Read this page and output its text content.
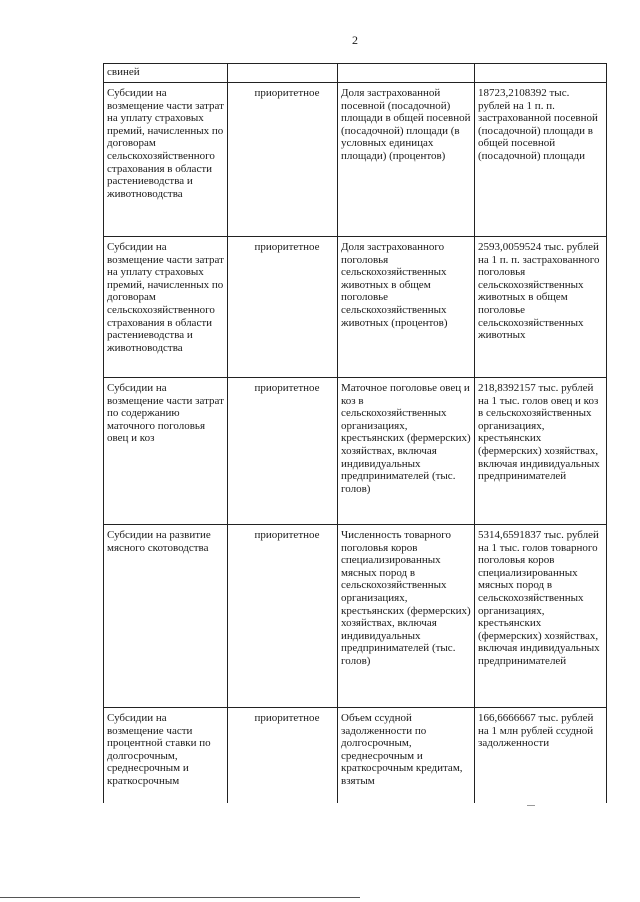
2
свиней			
Субсидии на возмещение части затрат на уплату страховых премий, начисленных по договорам сельскохозяйственного страхования в области растениеводства и животноводства	приоритетное	Доля застрахованной посевной (посадочной) площади в общей посевной (посадочной) площади (в условных единицах площади) (процентов)	18723,2108392 тыс. рублей на 1 п. п. застрахованной посевной (посадочной) площади в общей посевной (посадочной) площади
Субсидии на возмещение части затрат на уплату страховых премий, начисленных по договорам сельскохозяйственного страхования в области растениеводства и животноводства	приоритетное	Доля застрахованного поголовья сельскохозяйственных животных в общем поголовье сельскохозяйственных животных (процентов)	2593,0059524 тыс. рублей на 1 п. п. застрахованного поголовья сельскохозяйственных животных в общем поголовье сельскохозяйственных животных
Субсидии на возмещение части затрат по содержанию маточного поголовья овец и коз	приоритетное	Маточное поголовье овец и коз в сельскохозяйственных организациях, крестьянских (фермерских) хозяйствах, включая индивидуальных предпринимателей (тыс. голов)	218,8392157 тыс. рублей на 1 тыс. голов овец и коз в сельскохозяйственных организациях, крестьянских (фермерских) хозяйствах, включая индивидуальных предпринимателей
Субсидии на развитие мясного скотоводства	приоритетное	Численность товарного поголовья коров специализированных мясных пород в сельскохозяйственных организациях, крестьянских (фермерских) хозяйствах, включая индивидуальных предпринимателей (тыс. голов)	5314,6591837 тыс. рублей на 1 тыс. голов товарного поголовья коров специализированных мясных пород в сельскохозяйственных организациях, крестьянских (фермерских) хозяйствах, включая индивидуальных предпринимателей
Субсидии на возмещение части процентной ставки по долгосрочным, среднесрочным и краткосрочным	приоритетное	Объем ссудной задолженности по долгосрочным, среднесрочным и краткосрочным кредитам, взятым	166,6666667 тыс. рублей на 1 млн рублей ссудной задолженности
